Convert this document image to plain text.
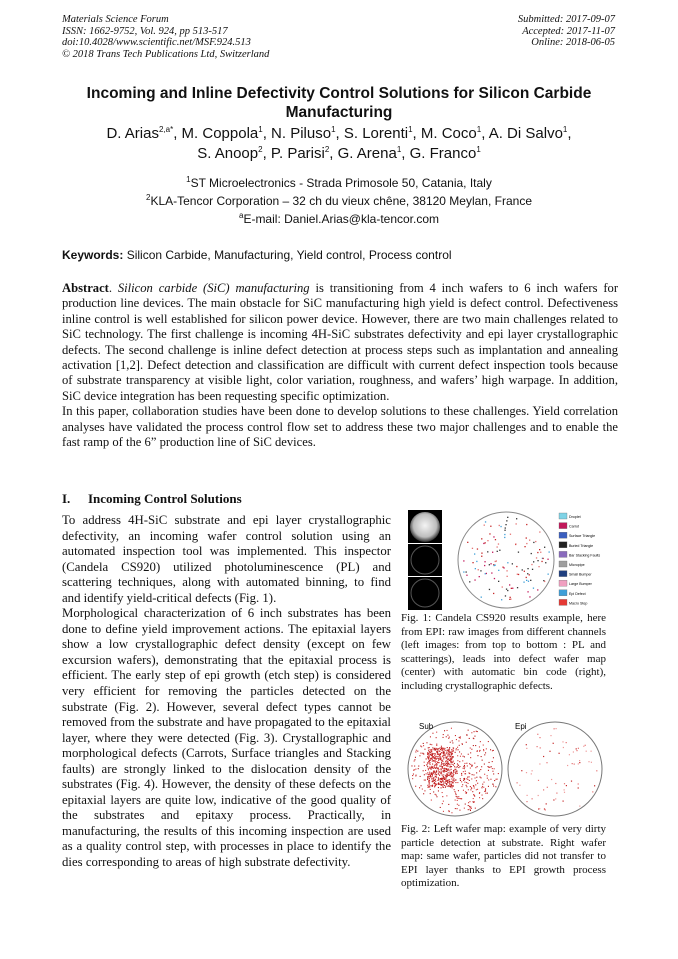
Materials Science Forum
ISSN: 1662-9752, Vol. 924, pp 513-517
doi:10.4028/www.scientific.net/MSF.924.513
© 2018 Trans Tech Publications Ltd, Switzerland
Submitted: 2017-09-07
Accepted: 2017-11-07
Online: 2018-06-05
Incoming and Inline Defectivity Control Solutions for Silicon Carbide Manufacturing
D. Arias$^{2,a*}$, M. Coppola$^1$, N. Piluso$^1$, S. Lorenti$^1$, M. Coco$^1$, A. Di Salvo$^1$,
S. Anoop$^2$, P. Parisi$^2$, G. Arena$^1$, G. Franco$^1$
$^1$ST Microelectronics - Strada Primosole 50, Catania, Italy
$^2$KLA-Tencor Corporation – 32 ch du vieux chêne, 38120 Meylan, France
$^a$E-mail: Daniel.Arias@kla-tencor.com
Keywords: Silicon Carbide, Manufacturing, Yield control, Process control

Abstract. Silicon carbide (SiC) manufacturing is transitioning from 4 inch wafers to 6 inch wafers for production line devices. The main obstacle for SiC manufacturing high yield is defect control. Defectiveness inline control is well established for silicon power device. However, there are two main challenges related to SiC technology. The first challenge is incoming 4H-SiC substrates defectivity and epi layer crystallographic defects. The second challenge is inline defect detection at process steps such as implantation and annealing activation [1,2]. Defect detection and classification are difficult with current defect inspection tools because of substrate transparency at visible light, color variation, roughness, and wafers’ high warpage. In addition, SiC device integration has been requesting specific optimization.

In this paper, collaboration studies have been done to develop solutions to these challenges. Yield correlation analyses have validated the process control flow set to address these two major challenges and to enable the fast ramp of the 6” production line of SiC devices.

I. Incoming Control Solutions

To address 4H-SiC substrate and epi layer crystallographic defectivity, an incoming wafer control solution using an automated inspection tool was implemented. This inspector (Candela CS920) utilized photoluminescence (PL) and scattering techniques, along with automated binning, to find and identify yield-critical defects (Fig. 1).

Morphological characterization of 6 inch substrates has been done to define yield improvement actions. The epitaxial layers show a low crystallographic defect density (except on few excursion wafers), demonstrating that the epitaxial process is efficient. The early step of epi growth (etch step) is considered very efficient for removing the particles detected on the substrate (Fig. 2). However, several defect types cannot be removed from the substrate and have propagated to the epitaxial layer, where they were detected (Fig. 3). Crystallographic and morphological defects (Carrots, Surface triangles and Stacking faults) are strongly linked to the dislocation density of the substrates (Fig. 4). However, the density of these defects on the epitaxial layers are quite low, indicative of the good quality of the substrates and epitaxy process. Practically, in manufacturing, the results of this incoming inspection are used as a quality control step, with processes in place to identify the dies corresponding to areas of high substrate defectivity.

Droplet
Carrot
Surface Triangle
Buried Triangle
Bar Stacking Faults
Micropipe
Small Bumper
Large Bumper
Epi Defect
Macro Step
Fig. 1: Candela CS920 results example, here from EPI: raw images from different channels (left images: from top to bottom : PL and scatterings), leads into defect wafer map (center) with automatic bin code (right), including crystallographic defects.
Sub	Epi
Fig. 2: Left wafer map: example of very dirty particle detection at substrate. Right wafer map: same wafer, particles did not transfer to EPI layer thanks to EPI growth process optimization.
